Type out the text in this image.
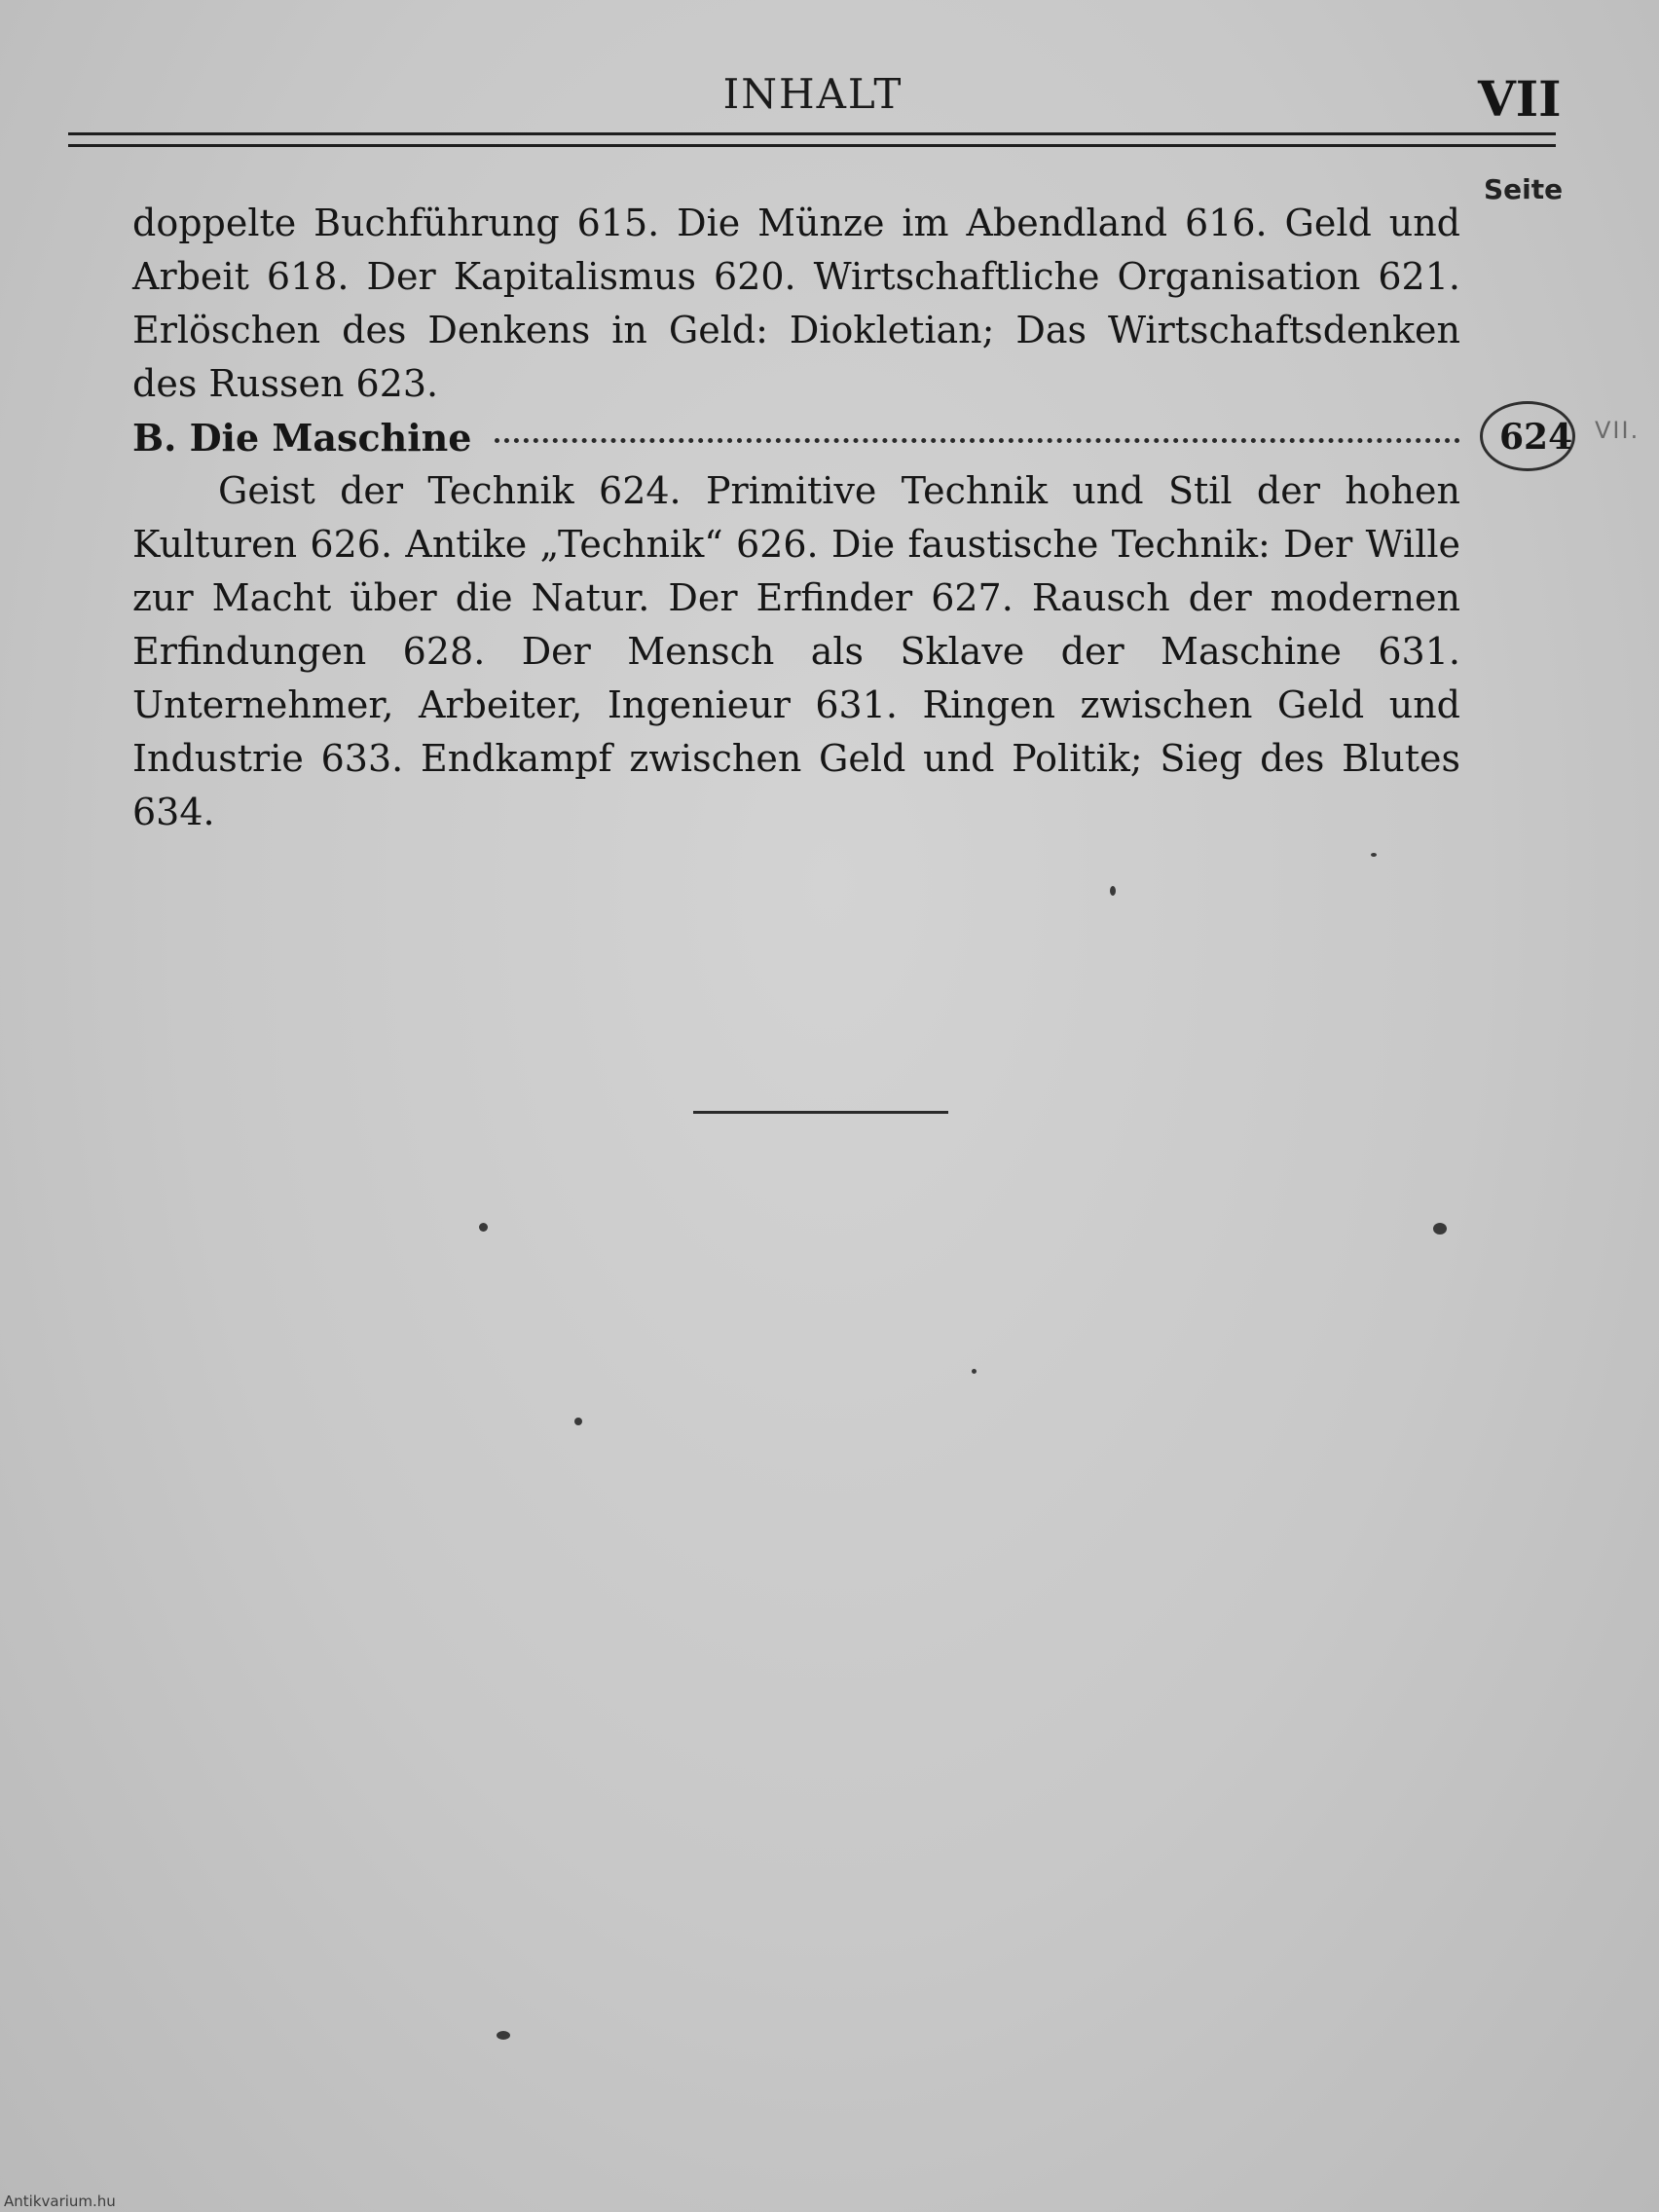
INHALT	VII
Seite
doppelte Buchführung 615. Die Münze im Abendland 616. Geld und Arbeit 618. Der Kapitalismus 620. Wirtschaftliche Organisation 621. Erlöschen des Denkens in Geld: Diokletian; Das Wirtschaftsdenken des Russen 623.
B. Die Maschine	624 VII.
Geist der Technik 624. Primitive Technik und Stil der hohen Kulturen 626. Antike „Technik“ 626. Die faustische Technik: Der Wille zur Macht über die Natur. Der Erfinder 627. Rausch der modernen Erfindungen 628. Der Mensch als Sklave der Maschine 631. Unternehmer, Arbeiter, Ingenieur 631. Ringen zwischen Geld und Industrie 633. Endkampf zwischen Geld und Politik; Sieg des Blutes 634.
Antikvarium.hu
